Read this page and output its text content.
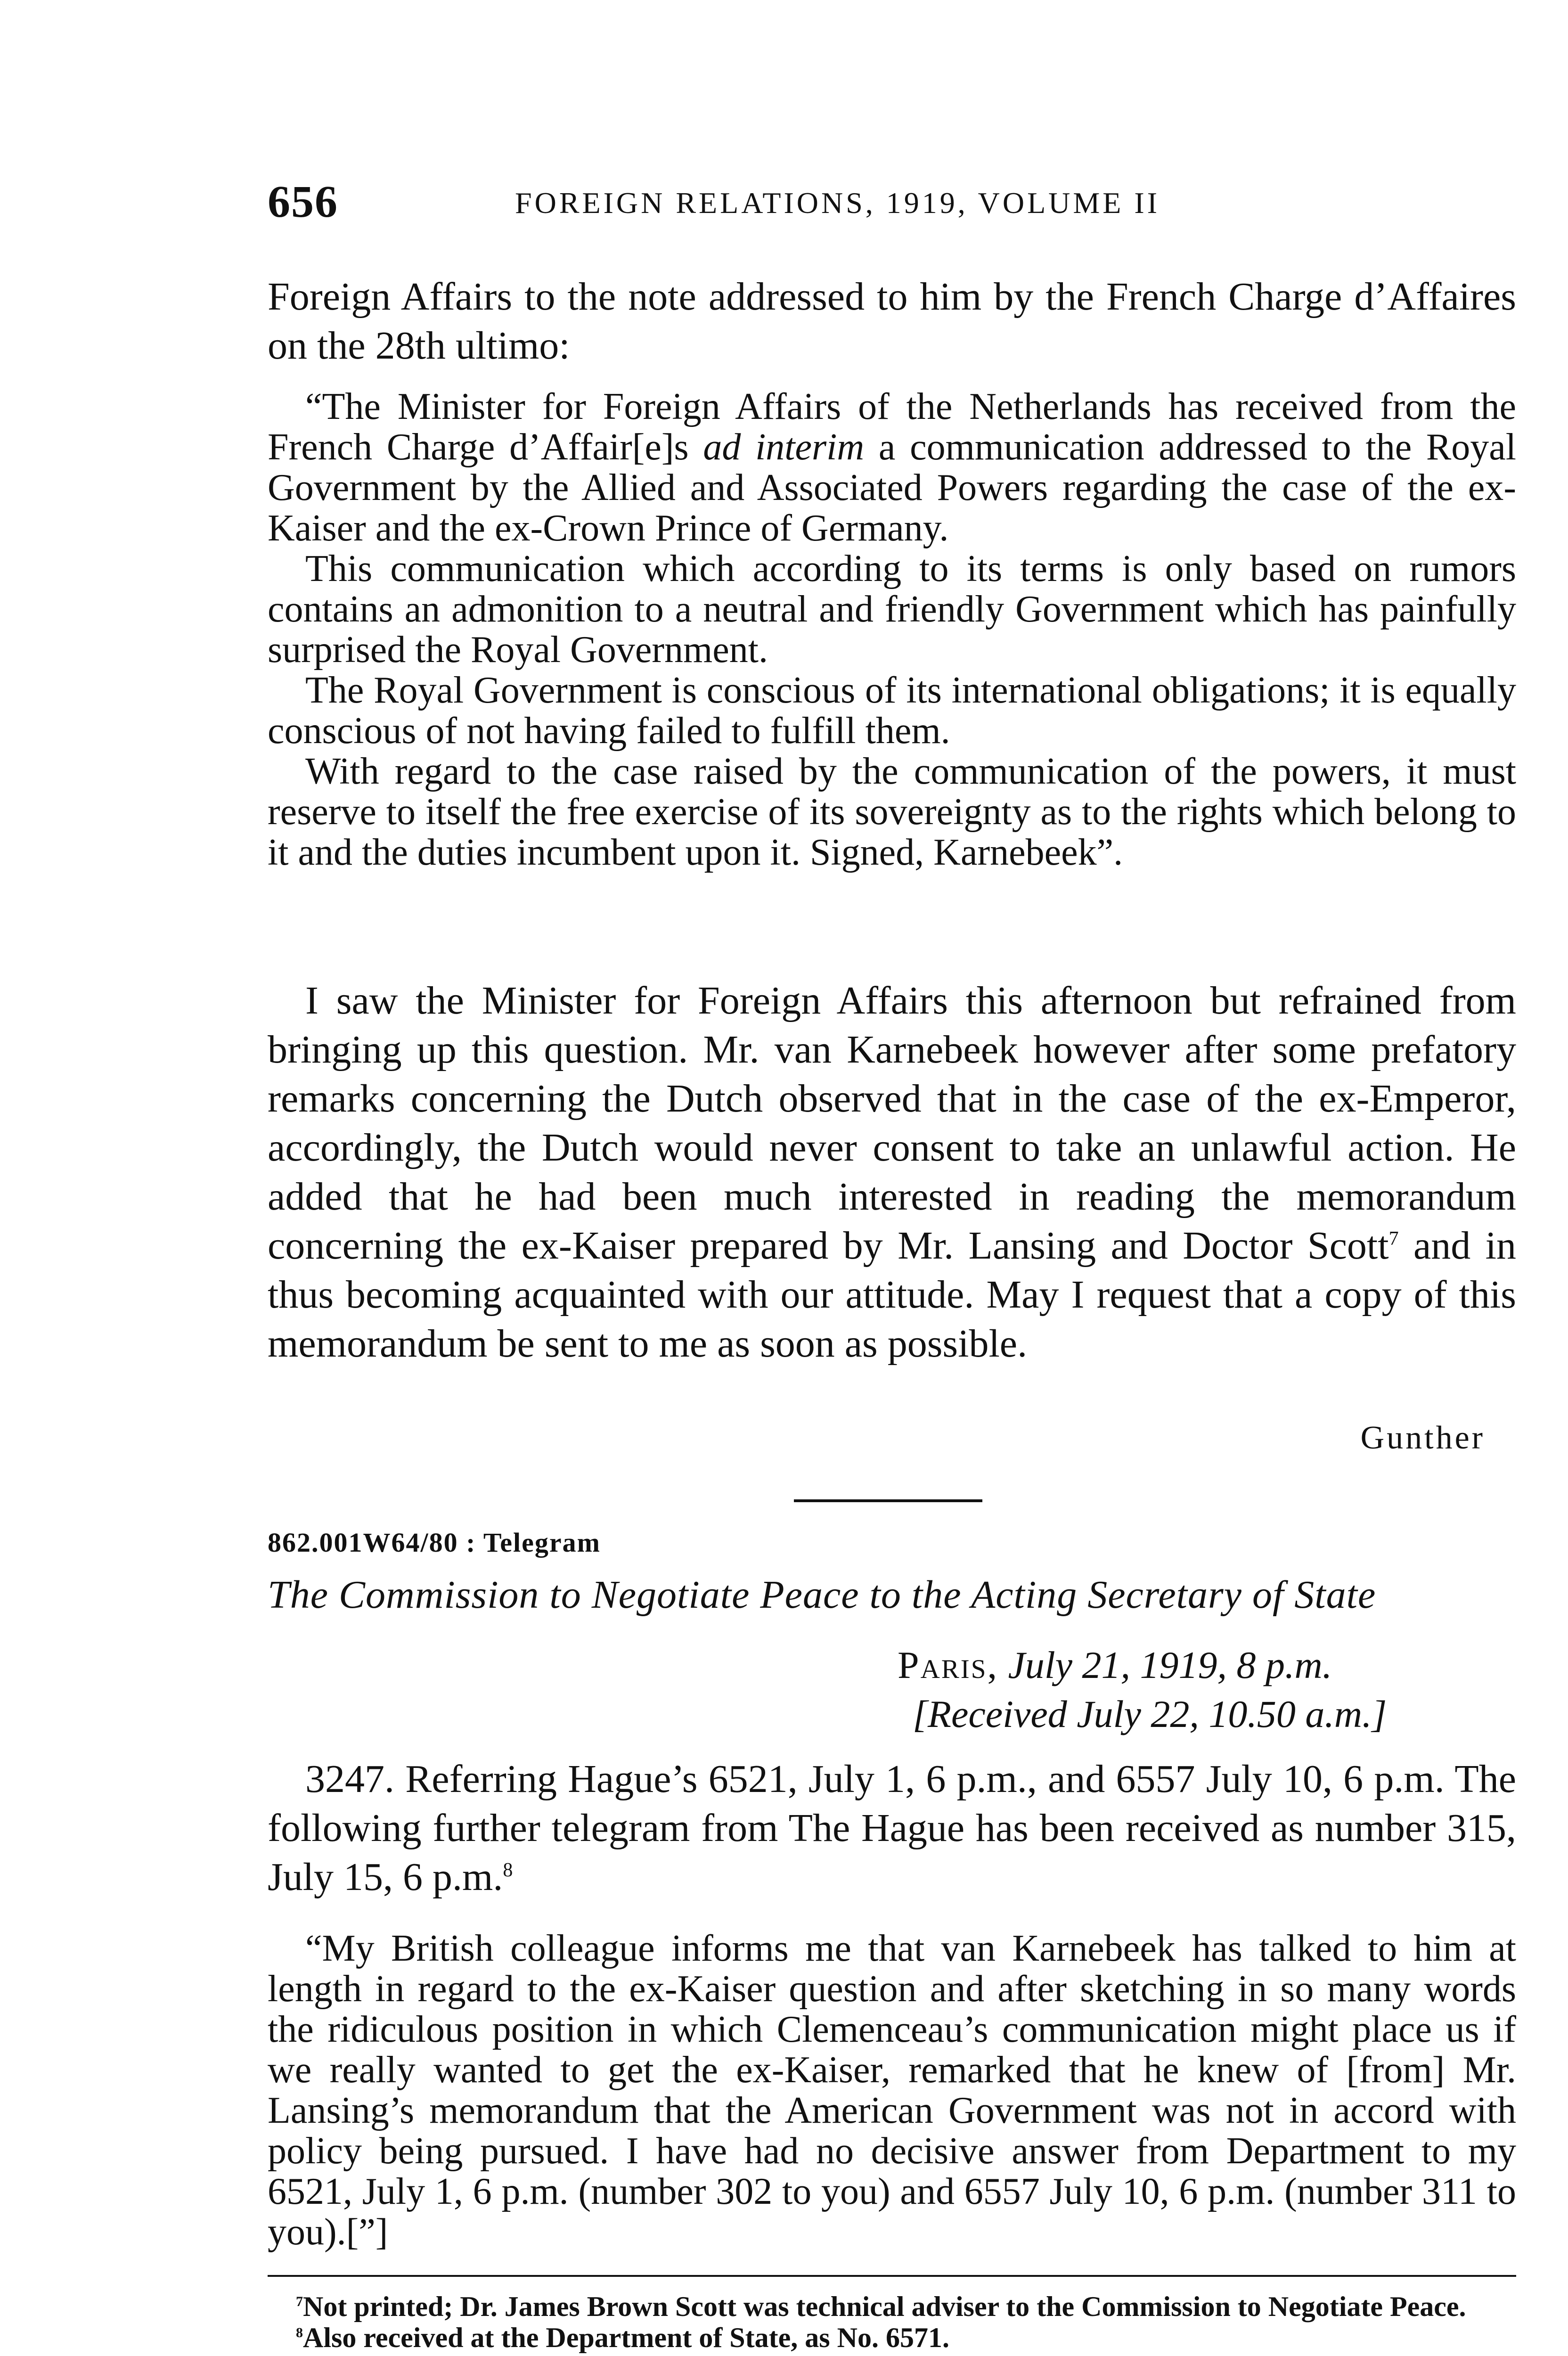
656	FOREIGN RELATIONS, 1919, VOLUME II

Foreign Affairs to the note addressed to him by the French Charge d’Affaires on the 28th ultimo:

“The Minister for Foreign Affairs of the Netherlands has received from the French Charge d’Affair[e]s ad interim a communication addressed to the Royal Government by the Allied and Associated Powers regarding the case of the ex-Kaiser and the ex-Crown Prince of Germany.

This communication which according to its terms is only based on rumors contains an admonition to a neutral and friendly Government which has painfully surprised the Royal Government.

The Royal Government is conscious of its international obligations; it is equally conscious of not having failed to fulfill them.

With regard to the case raised by the communication of the powers, it must reserve to itself the free exercise of its sovereignty as to the rights which belong to it and the duties incumbent upon it. Signed, Karnebeek”.

I saw the Minister for Foreign Affairs this afternoon but refrained from bringing up this question. Mr. van Karnebeek however after some prefatory remarks concerning the Dutch observed that in the case of the ex-Emperor, accordingly, the Dutch would never consent to take an unlawful action. He added that he had been much interested in reading the memorandum concerning the ex-Kaiser prepared by Mr. Lansing and Doctor Scott$^7$ and in thus becoming acquainted with our attitude. May I request that a copy of this memorandum be sent to me as soon as possible.

Gunther
862.001W64/80 : Telegram
The Commission to Negotiate Peace to the Acting Secretary of State
Paris, July 21, 1919, 8 p.m.
[Received July 22, 10.50 a.m.]

3247. Referring Hague’s 6521, July 1, 6 p.m., and 6557 July 10, 6 p.m. The following further telegram from The Hague has been received as number 315, July 15, 6 p.m.$^8$

“My British colleague informs me that van Karnebeek has talked to him at length in regard to the ex-Kaiser question and after sketching in so many words the ridiculous position in which Clemenceau’s communication might place us if we really wanted to get the ex-Kaiser, remarked that he knew of [from] Mr. Lansing’s memorandum that the American Government was not in accord with policy being pursued. I have had no decisive answer from Department to my 6521, July 1, 6 p.m. (number 302 to you) and 6557 July 10, 6 p.m. (number 311 to you).[”]

$^7$Not printed; Dr. James Brown Scott was technical adviser to the Commission to Negotiate Peace.

$^8$Also received at the Department of State, as No. 6571.
